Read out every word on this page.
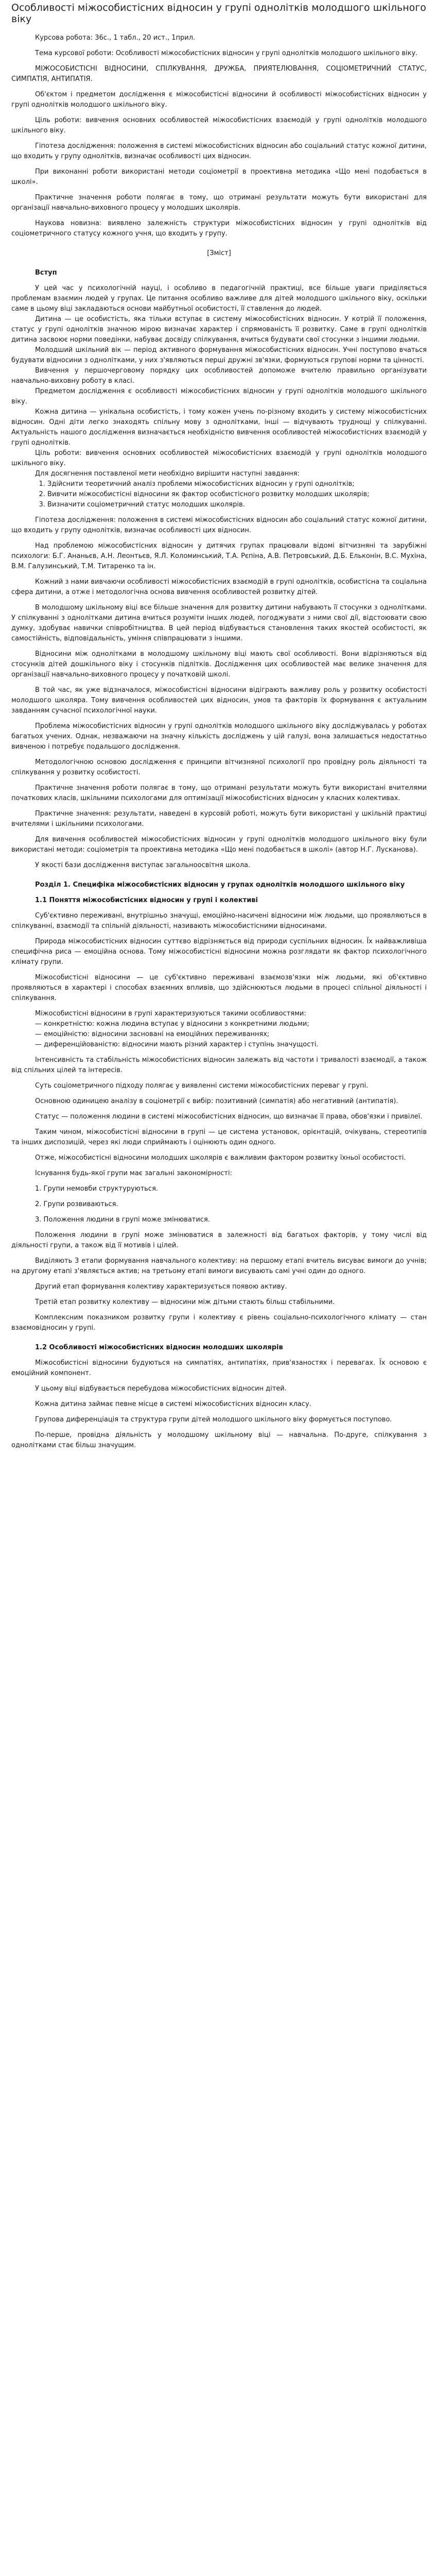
Особливості міжособистісних відносин у групі однолітків молодшого шкільного віку

Курсова робота: 36с., 1 табл., 20 ист., 1прил.

Тема курсової роботи: Особливості міжособистісних відносин у групі однолітків молодшого шкільного віку.

МІЖОСОБИСТІСНІ ВІДНОСИНИ, СПІЛКУВАННЯ, ДРУЖБА, ПРИЯТЕЛЮВАННЯ, СОЦІОМЕТРИЧНИЙ СТАТУС, СИМПАТІЯ, АНТИПАТІЯ.

Об'єктом і предметом дослідження є міжособистісні відносини й особливості міжособистісних відносин у групі однолітків молодшого шкільного віку.

Ціль роботи: вивчення основних особливостей міжособистісних взаємодій у групі однолітків молодшого шкільного віку.

Гіпотеза дослідження: положення в системі міжособистісних відносин або соціальний статус кожної дитини, що входить у групу однолітків, визначає особливості цих відносин.

При виконанні роботи використані методи соціометрії в проективна методика «Що мені подобається в школі».

Практичне значення роботи полягає в тому, що отримані результати можуть бути використані для організації навчально-виховного процесу у молодших школярів.

Наукова новизна: виявлено залежність структури міжособистісних відносин у групі однолітків від соціометричного статусу кожного учня, що входить у групу.

[Зміст]

Вступ

У цей час у психологічній науці, і особливо в педагогічній практиці, все більше уваги приділяється проблемам взаємин людей у групах. Це питання особливо важливе для дітей молодшого шкільного віку, оскільки саме в цьому віці закладаються основи майбутньої особистості, її ставлення до людей.

Дитина — це особистість, яка тільки вступає в систему міжособистісних відносин. У котрій її положення, статус у групі однолітків значною мірою визначає характер і спрямованість її розвитку. Саме в групі однолітків дитина засвоює норми поведінки, набуває досвіду спілкування, вчиться будувати свої стосунки з іншими людьми.

Молодший шкільний вік — період активного формування міжособистісних відносин. Учні поступово вчаться будувати відносини з однолітками, у них з'являються перші дружні зв'язки, формуються групові норми та цінності.

Вивчення у першочерговому порядку цих особливостей допоможе вчителю правильно організувати навчально-виховну роботу в класі.

Предметом дослідження є особливості міжособистісних відносин у групі однолітків молодшого шкільного віку.

Кожна дитина — унікальна особистість, і тому кожен учень по-різному входить у систему міжособистісних відносин. Одні діти легко знаходять спільну мову з однолітками, інші — відчувають труднощі у спілкуванні. Актуальність нашого дослідження визначається необхідністю вивчення особливостей міжособистісних взаємодій у групі однолітків.

Ціль роботи: вивчення основних особливостей міжособистісних взаємодій у групі однолітків молодшого шкільного віку.

Для досягнення поставленої мети необхідно вирішити наступні завдання:

1. Здійснити теоретичний аналіз проблеми міжособистісних відносин у групі однолітків;
2. Вивчити міжособистісні відносини як фактор особистісного розвитку молодших школярів;
3. Визначити соціометричний статус молодших школярів.

Гіпотеза дослідження: положення в системі міжособистісних відносин або соціальний статус кожної дитини, що входить у групу однолітків, визначає особливості цих відносин.

Над проблемою міжособистісних відносин у дитячих групах працювали відомі вітчизняні та зарубіжні психологи: Б.Г. Ананьєв, А.Н. Леонтьєв, Я.Л. Коломинський, Т.А. Рєпіна, А.В. Петровський, Д.Б. Ельконін, В.С. Мухіна, В.М. Галузинський, Т.М. Титаренко та ін.

Кожний з нами вивчаючи особливості міжособистісних взаємодій в групі однолітків, особистісна та соціальна сфера дитини, а отже і методологічна основа вивчення особливостей розвитку дітей.

В молодшому шкільному віці все більше значення для розвитку дитини набувають її стосунки з однолітками. У спілкуванні з однолітками дитина вчиться розуміти інших людей, погоджувати з ними свої дії, відстоювати свою думку, здобуває навички співробітництва. В цей період відбувається становлення таких якостей особистості, як самостійність, відповідальність, уміння співпрацювати з іншими.

Відносини між однолітками в молодшому шкільному віці мають свої особливості. Вони відрізняються від стосунків дітей дошкільного віку і стосунків підлітків. Дослідження цих особливостей має велике значення для організації навчально-виховного процесу у початковій школі.

В той час, як уже відзначалося, міжособистісні відносини відіграють важливу роль у розвитку особистості молодшого школяра. Тому вивчення особливостей цих відносин, умов та факторів їх формування є актуальним завданням сучасної психологічної науки.

Проблема міжособистісних відносин у групі однолітків молодшого шкільного віку досліджувалась у роботах багатьох учених. Однак, незважаючи на значну кількість досліджень у цій галузі, вона залишається недостатньо вивченою і потребує подальшого дослідження.

Методологічною основою дослідження є принципи вітчизняної психології про провідну роль діяльності та спілкування у розвитку особистості.

Практичне значення роботи полягає в тому, що отримані результати можуть бути використані вчителями початкових класів, шкільними психологами для оптимізації міжособистісних відносин у класних колективах.

Практичне значення: результати, наведені в курсовій роботі, можуть бути використані у шкільній практиці вчителями і шкільними психологами.

Для вивчення особливостей міжособистісних відносин у групі однолітків молодшого шкільного віку були використані методи: соціометрія та проективна методика «Що мені подобається в школі» (автор Н.Г. Лусканова).

У якості бази дослідження виступає загальноосвітня школа.

Розділ 1. Специфіка міжособистісних відносин у групах однолітків молодшого шкільного віку
1.1 Поняття міжособистісних відносин у групі і колективі

Суб'єктивно переживані, внутрішньо значущі, емоційно-насичені відносини між людьми, що проявляються в спілкуванні, взаємодії та спільній діяльності, називають міжособистісними відносинами.

Природа міжособистісних відносин суттєво відрізняється від природи суспільних відносин. Їх найважливіша специфічна риса — емоційна основа. Тому міжособистісні відносини можна розглядати як фактор психологічного клімату групи.

Міжособистісні відносини — це суб'єктивно переживані взаємозв'язки між людьми, які об'єктивно проявляються в характері і способах взаємних впливів, що здійснюються людьми в процесі спільної діяльності і спілкування.

Міжособистісні відносини в групі характеризуються такими особливостями:

— конкретністю: кожна людина вступає у відносини з конкретними людьми;

— емоційністю: відносини засновані на емоційних переживаннях;

— диференційованістю: відносини мають різний характер і ступінь значущості.

Інтенсивність та стабільність міжособистісних відносин залежать від частоти і тривалості взаємодії, а також від спільних цілей та інтересів.

Суть соціометричного підходу полягає у виявленні системи міжособистісних переваг у групі.

Основною одиницею аналізу в соціометрії є вибір: позитивний (симпатія) або негативний (антипатія).

Статус — положення людини в системі міжособистісних відносин, що визначає її права, обов'язки і привілеї.

Таким чином, міжособистісні відносини в групі — це система установок, орієнтацій, очікувань, стереотипів та інших диспозицій, через які люди сприймають і оцінюють один одного.

Отже, міжособистісні відносини молодших школярів є важливим фактором розвитку їхньої особистості.

Існування будь-якої групи має загальні закономірності:

1. Групи немовби структуруються.

2. Групи розвиваються.

3. Положення людини в групі може змінюватися.

Положення людини в групі може змінюватися в залежності від багатьох факторів, у тому числі від діяльності групи, а також від її мотивів і цілей.

Виділяють 3 етапи формування навчального колективу: на першому етапі вчитель висуває вимоги до учнів; на другому етапі з'являється актив; на третьому етапі вимоги висувають самі учні один до одного.

Другий етап формування колективу характеризується появою активу.

Третій етап розвитку колективу — відносини між дітьми стають більш стабільними.

Комплексним показником розвитку групи і колективу є рівень соціально-психологічного клімату — стан взаємовідносин у групі.

1.2 Особливості міжособистісних відносин молодших школярів

Міжособистісні відносини будуються на симпатіях, антипатіях, прив'язаностях і перевагах. Їх основою є емоційний компонент.

У цьому віці відбувається перебудова міжособистісних відносин дітей.

Кожна дитина займає певне місце в системі міжособистісних відносин класу.

Групова диференціація та структура групи дітей молодшого шкільного віку формується поступово.

По-перше, провідна діяльність у молодшому шкільному віці — навчальна. По-друге, спілкування з однолітками стає більш значущим.
